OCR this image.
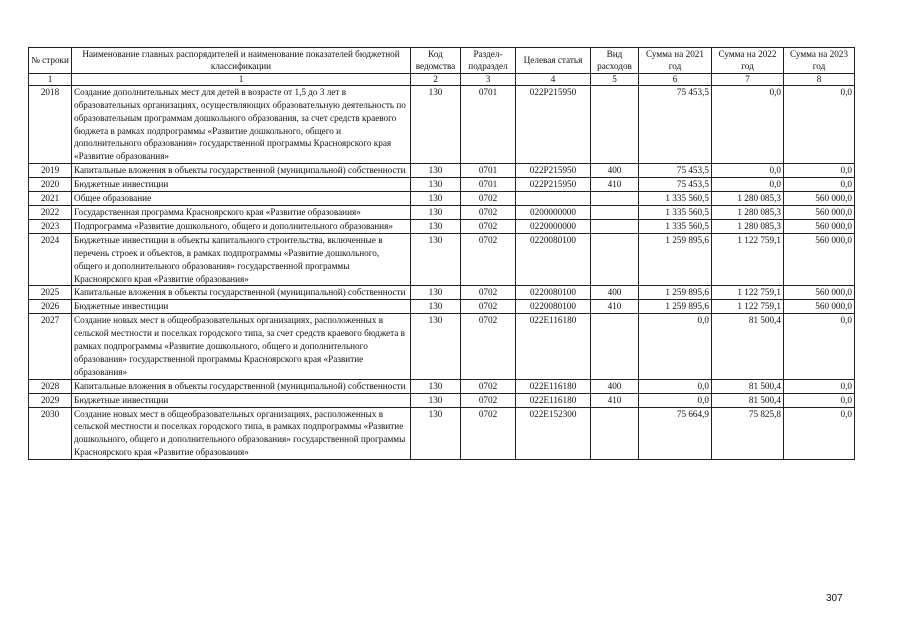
№ строки	Наименование главных распорядителей и наименование показателей бюджетной классификации	Код ведомства	Раздел-подраздел	Целевая статья	Вид расходов	Сумма на 2021 год	Сумма на 2022 год	Сумма на 2023 год
1	1	2	3	4	5	6	7	8
2018	Создание дополнительных мест для детей в возрасте от 1,5 до 3 лет в образовательных организациях, осуществляющих образовательную деятельность по образовательным программам дошкольного образования, за счет средств краевого бюджета в рамках подпрограммы «Развитие дошкольного, общего и дополнительного образования» государственной программы Красноярского края «Развитие образования»	130	0701	022P215950		75 453,5	0,0	0,0
2019	Капитальные вложения в объекты государственной (муниципальной) собственности	130	0701	022P215950	400	75 453,5	0,0	0,0
2020	Бюджетные инвестиции	130	0701	022P215950	410	75 453,5	0,0	0,0
2021	Общее образование	130	0702			1 335 560,5	1 280 085,3	560 000,0
2022	Государственная программа Красноярского края «Развитие образования»	130	0702	0200000000		1 335 560,5	1 280 085,3	560 000,0
2023	Подпрограмма «Развитие дошкольного, общего и дополнительного образования»	130	0702	0220000000		1 335 560,5	1 280 085,3	560 000,0
2024	Бюджетные инвестиции в объекты капитального строительства, включенные в перечень строек и объектов, в рамках подпрограммы «Развитие дошкольного, общего и дополнительного образования» государственной программы Красноярского края «Развитие образования»	130	0702	0220080100		1 259 895,6	1 122 759,1	560 000,0
2025	Капитальные вложения в объекты государственной (муниципальной) собственности	130	0702	0220080100	400	1 259 895,6	1 122 759,1	560 000,0
2026	Бюджетные инвестиции	130	0702	0220080100	410	1 259 895,6	1 122 759,1	560 000,0
2027	Создание новых мест в общеобразовательных организациях, расположенных в сельской местности и поселках городского типа, за счет средств краевого бюджета в рамках подпрограммы «Развитие дошкольного, общего и дополнительного образования» государственной программы Красноярского края «Развитие образования»	130	0702	022E116180		0,0	81 500,4	0,0
2028	Капитальные вложения в объекты государственной (муниципальной) собственности	130	0702	022E116180	400	0,0	81 500,4	0,0
2029	Бюджетные инвестиции	130	0702	022E116180	410	0,0	81 500,4	0,0
2030	Создание новых мест в общеобразовательных организациях, расположенных в сельской местности и поселках городского типа, в рамках подпрограммы «Развитие дошкольного, общего и дополнительного образования» государственной программы Красноярского края «Развитие образования»	130	0702	022E152300		75 664,9	75 825,8	0,0
307
